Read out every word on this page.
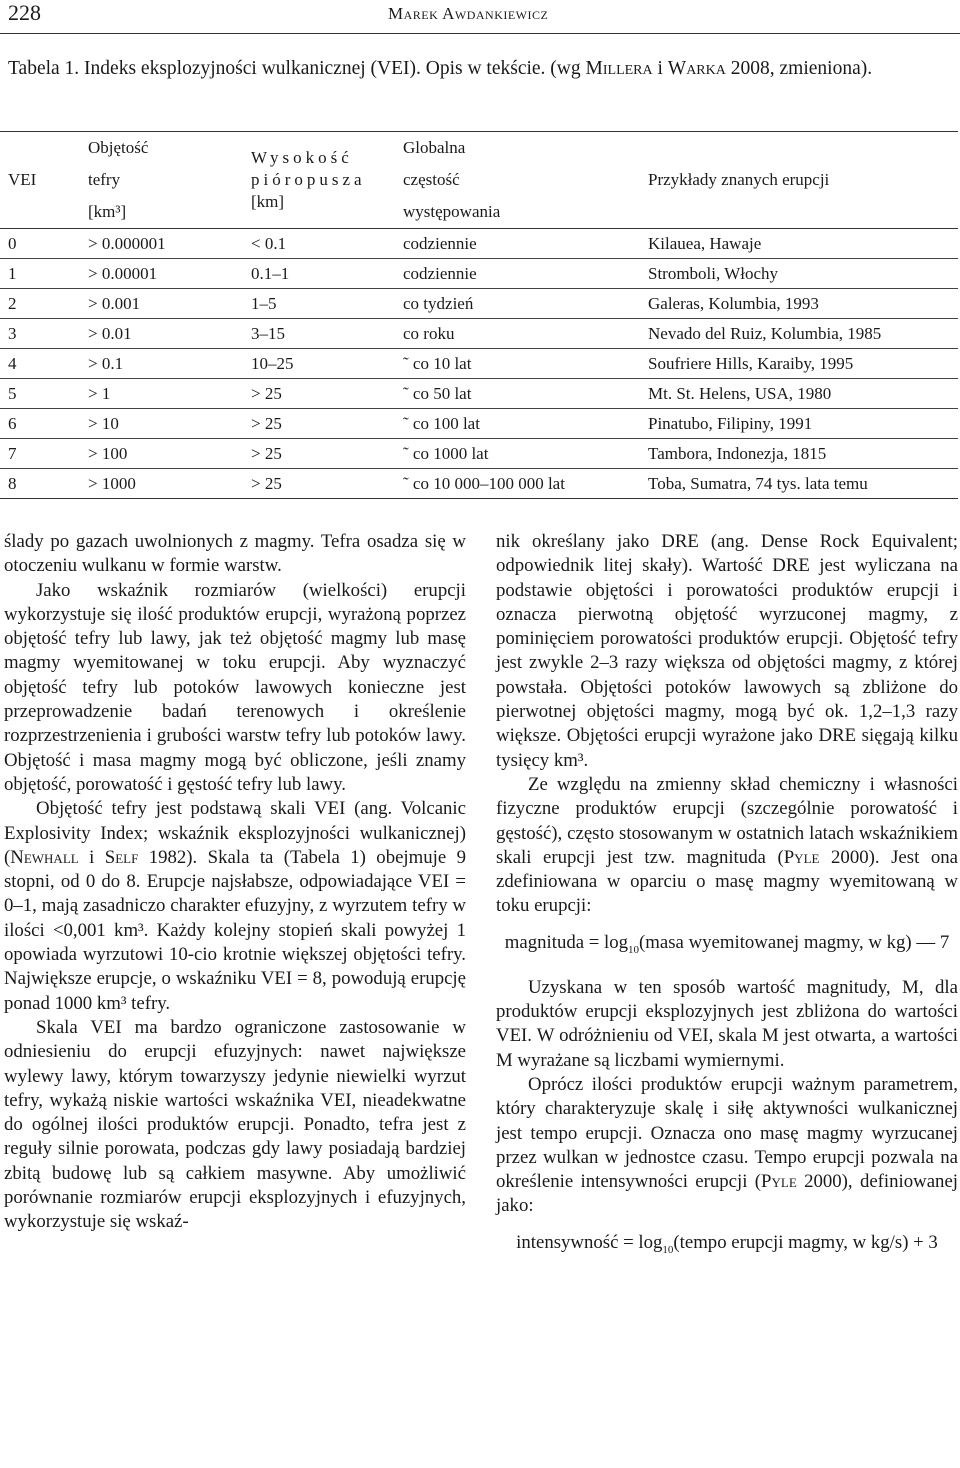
228	Marek Awdankiewicz
Tabela 1. Indeks eksplozyjności wulkanicznej (VEI). Opis w tekście. (wg Millera i Warka 2008, zmieniona).
VEI	Objętość
tefry
[km³]	Wysokość
pióropusza
[km]	Globalna
częstość
występowania	Przykłady znanych erupcji
0	> 0.000001	< 0.1	codziennie	Kilauea, Hawaje
1	> 0.00001	0.1–1	codziennie	Stromboli, Włochy
2	> 0.001	1–5	co tydzień	Galeras, Kolumbia, 1993
3	> 0.01	3–15	co roku	Nevado del Ruiz, Kolumbia, 1985
4	> 0.1	10–25	˜ co 10 lat	Soufriere Hills, Karaiby, 1995
5	> 1	> 25	˜ co 50 lat	Mt. St. Helens, USA, 1980
6	> 10	> 25	˜ co 100 lat	Pinatubo, Filipiny, 1991
7	> 100	> 25	˜ co 1000 lat	Tambora, Indonezja, 1815
8	> 1000	> 25	˜ co 10 000–100 000 lat	Toba, Sumatra, 74 tys. lata temu

ślady po gazach uwolnionych z magmy. Tefra osadza się w otoczeniu wulkanu w formie warstw.

Jako wskaźnik rozmiarów (wielkości) erupcji wykorzystuje się ilość produktów erupcji, wyrażoną poprzez objętość tefry lub lawy, jak też objętość magmy lub masę magmy wyemitowanej w toku erupcji. Aby wyznaczyć objętość tefry lub potoków lawowych konieczne jest przeprowadzenie badań terenowych i określenie rozprzestrzenienia i grubości warstw tefry lub potoków lawy. Objętość i masa magmy mogą być obliczone, jeśli znamy objętość, porowatość i gęstość tefry lub lawy.

Objętość tefry jest podstawą skali VEI (ang. Volcanic Explosivity Index; wskaźnik eksplozyjności wulkanicznej) (Newhall i Self 1982). Skala ta (Tabela 1) obejmuje 9 stopni, od 0 do 8. Erupcje najsłabsze, odpowiadające VEI = 0–1, mają zasadniczo charakter efuzyjny, z wyrzutem tefry w ilości <0,001 km³. Każdy kolejny stopień skali powyżej 1 opowiada wyrzutowi 10-cio krotnie większej objętości tefry. Największe erupcje, o wskaźniku VEI = 8, powodują erupcję ponad 1000 km³ tefry.

Skala VEI ma bardzo ograniczone zastosowanie w odniesieniu do erupcji efuzyjnych: nawet największe wylewy lawy, którym towarzyszy jedynie niewielki wyrzut tefry, wykażą niskie wartości wskaźnika VEI, nieadekwatne do ogólnej ilości produktów erupcji. Ponadto, tefra jest z reguły silnie porowata, podczas gdy lawy posiadają bardziej zbitą budowę lub są całkiem masywne. Aby umożliwić porównanie rozmiarów erupcji eksplozyjnych i efuzyjnych, wykorzystuje się wskaź-

nik określany jako DRE (ang. Dense Rock Equivalent; odpowiednik litej skały). Wartość DRE jest wyliczana na podstawie objętości i porowatości produktów erupcji i oznacza pierwotną objętość wyrzuconej magmy, z pominięciem porowatości produktów erupcji. Objętość tefry jest zwykle 2–3 razy większa od objętości magmy, z której powstała. Objętości potoków lawowych są zbliżone do pierwotnej objętości magmy, mogą być ok. 1,2–1,3 razy większe. Objętości erupcji wyrażone jako DRE sięgają kilku tysięcy km³.

Ze względu na zmienny skład chemiczny i własności fizyczne produktów erupcji (szczególnie porowatość i gęstość), często stosowanym w ostatnich latach wskaźnikiem skali erupcji jest tzw. magnituda (Pyle 2000). Jest ona zdefiniowana w oparciu o masę magmy wyemitowaną w toku erupcji:

magnituda = $\log_{10}(masa$ wyemitowanej magmy, w kg) — 7

Uzyskana w ten sposób wartość magnitudy, M, dla produktów erupcji eksplozyjnych jest zbliżona do wartości VEI. W odróżnieniu od VEI, skala M jest otwarta, a wartości M wyrażane są liczbami wymiernymi.

Oprócz ilości produktów erupcji ważnym parametrem, który charakteryzuje skalę i siłę aktywności wulkanicznej jest tempo erupcji. Oznacza ono masę magmy wyrzucanej przez wulkan w jednostce czasu. Tempo erupcji pozwala na określenie intensywności erupcji (Pyle 2000), definiowanej jako:

intensywność = $\log_{10}(tempo$ erupcji magmy, w kg/s) + 3
